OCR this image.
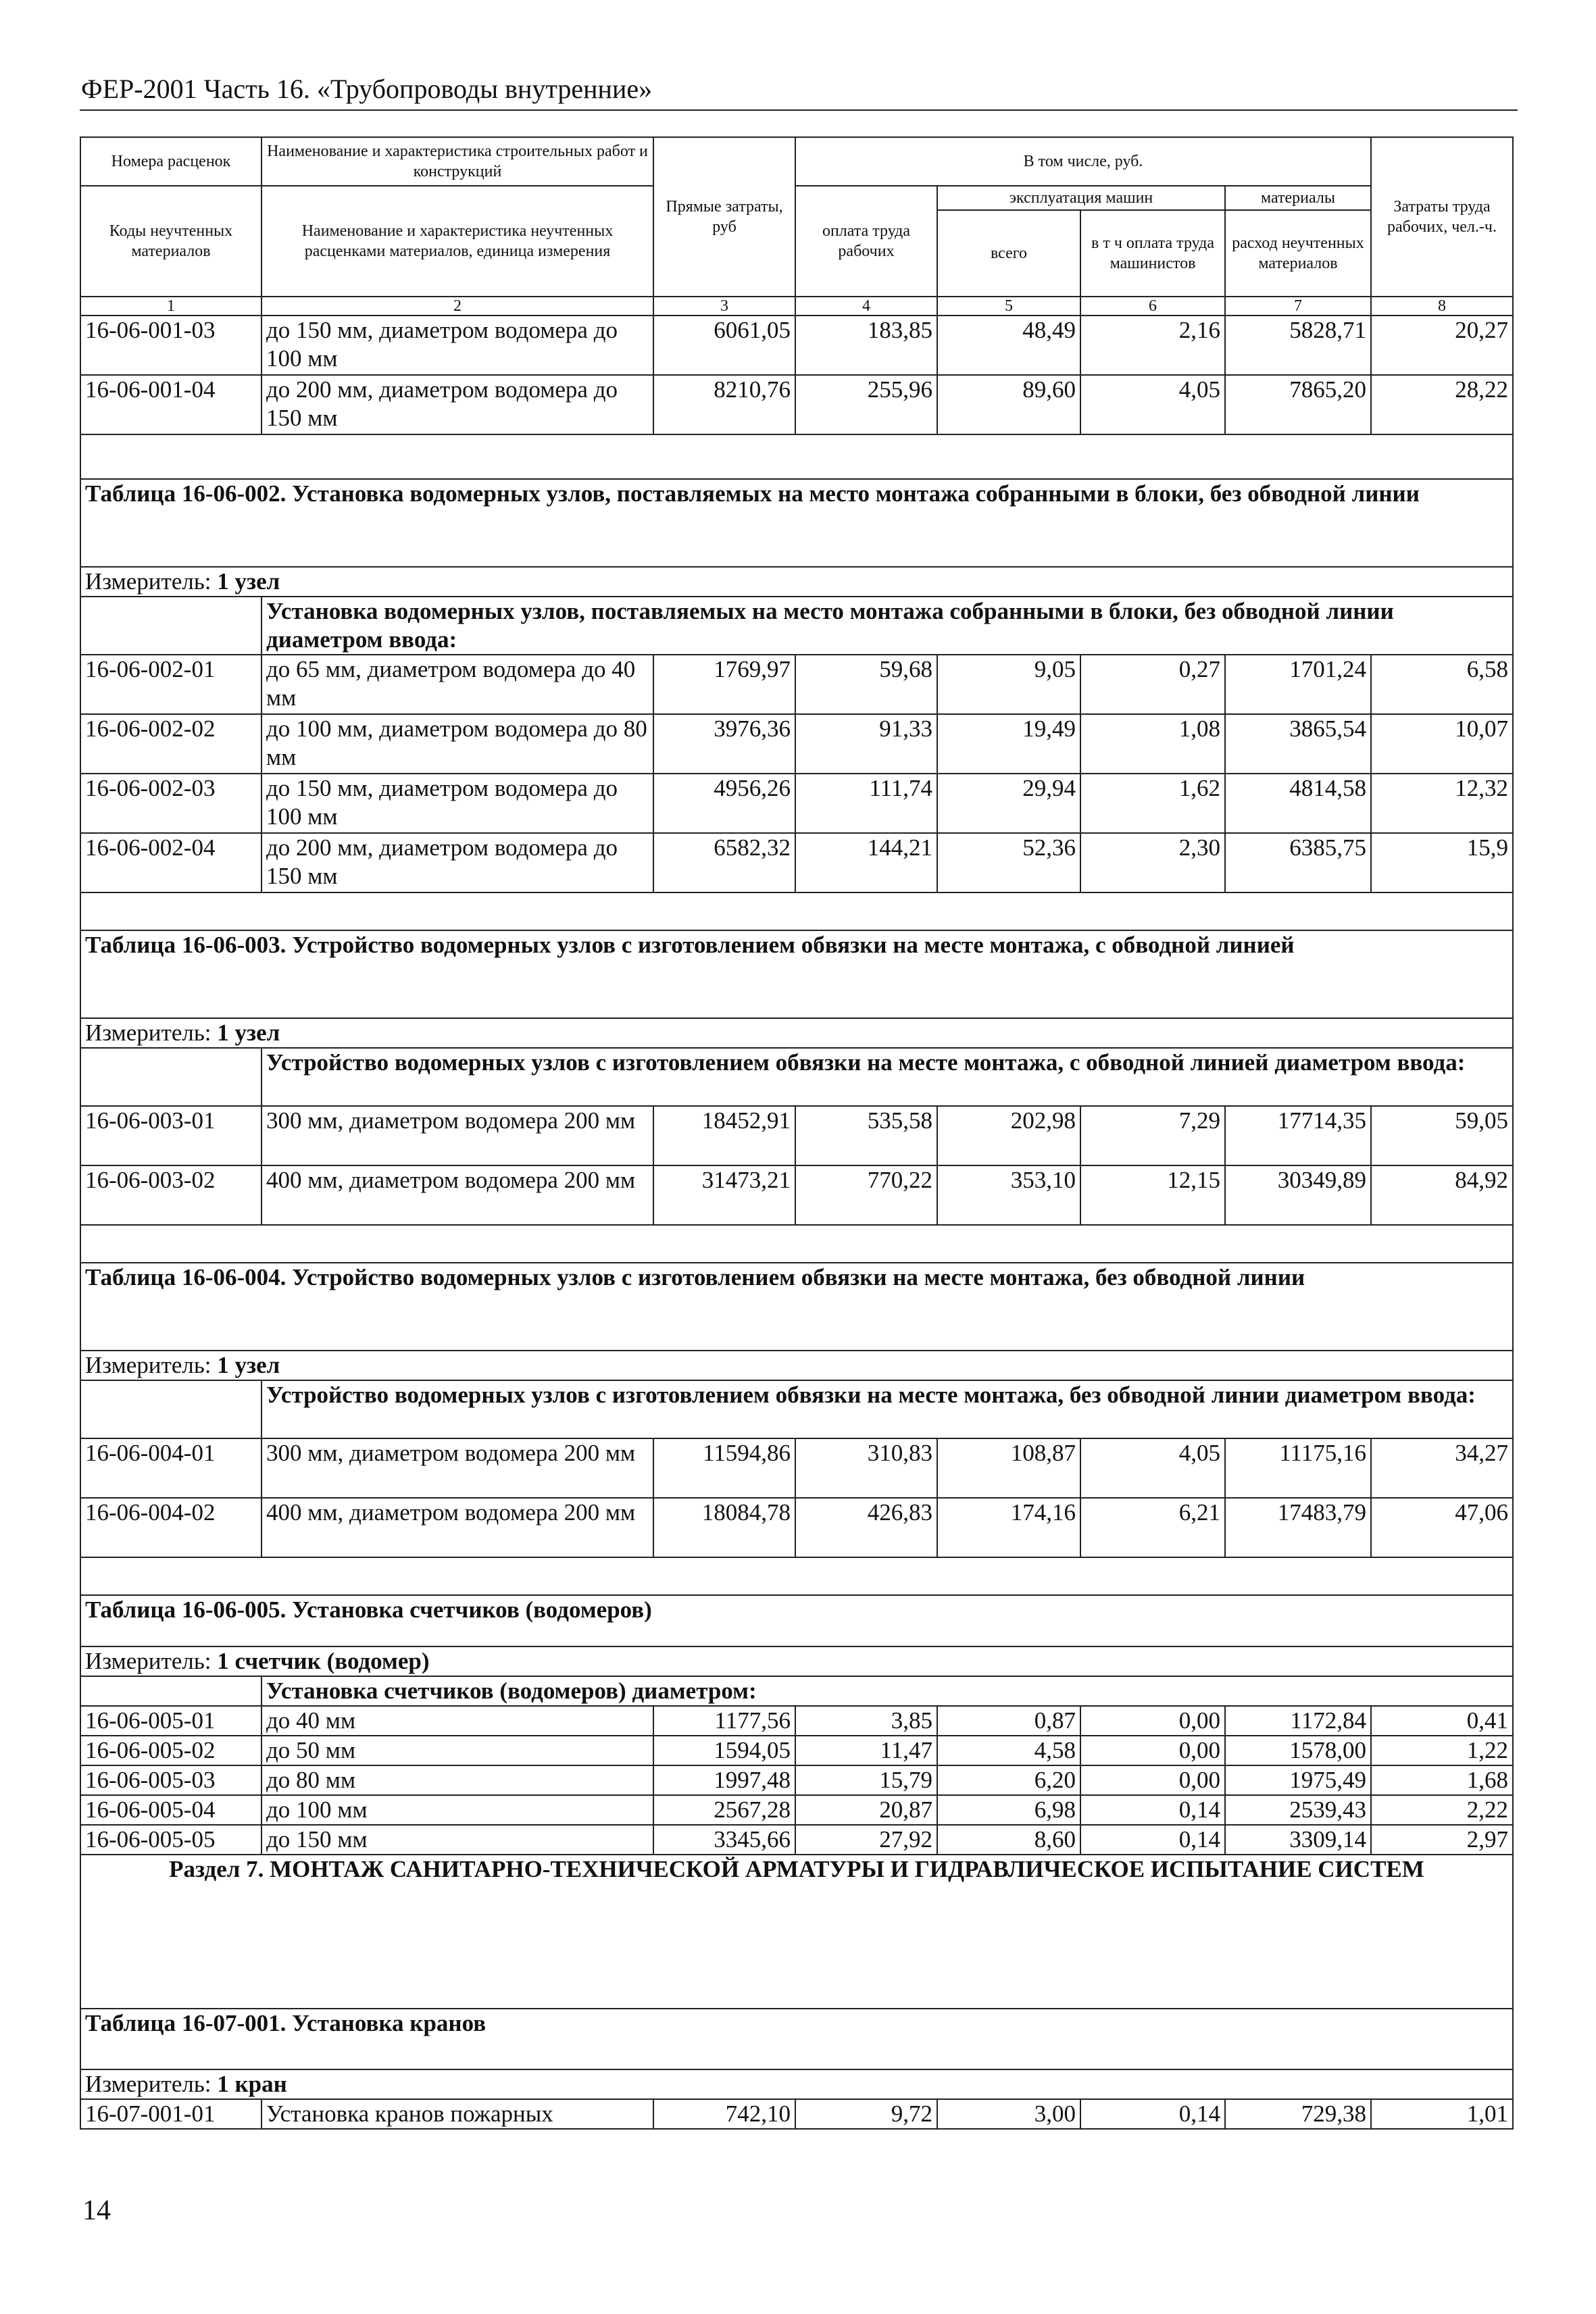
ФЕР-2001 Часть 16. «Трубопроводы внутренние»
Номера расценок	Наименование и характеристика строительных работ и конструкций	Прямые затраты, руб	В том числе, руб.				Затраты труда рабочих, чел.-ч.
Коды неучтенных материалов	Наименование и характеристика неучтенных расценками материалов, единица измерения		оплата труда рабочих	эксплуатация машин		материалы	
				всего	в т ч оплата труда машинистов	расход неучтенных материалов	
1	2	3	4	5	6	7	8
16-06-001-03	до 150 мм, диаметром водомера до 100 мм	6061,05	183,85	48,49	2,16	5828,71	20,27
16-06-001-04	до 200 мм, диаметром водомера до 150 мм	8210,76	255,96	89,60	4,05	7865,20	28,22

Таблица 16-06-002. Установка водомерных узлов, поставляемых на место монтажа собранными в блоки, без обводной линии							
Измеритель: 1 узел							
	Установка водомерных узлов, поставляемых на место монтажа собранными в блоки, без обводной линии диаметром ввода:						
16-06-002-01	до 65 мм, диаметром водомера до 40 мм	1769,97	59,68	9,05	0,27	1701,24	6,58
16-06-002-02	до 100 мм, диаметром водомера до 80 мм	3976,36	91,33	19,49	1,08	3865,54	10,07
16-06-002-03	до 150 мм, диаметром водомера до 100 мм	4956,26	111,74	29,94	1,62	4814,58	12,32
16-06-002-04	до 200 мм, диаметром водомера до 150 мм	6582,32	144,21	52,36	2,30	6385,75	15,9

Таблица 16-06-003. Устройство водомерных узлов с изготовлением обвязки на месте монтажа, с обводной линией							
Измеритель: 1 узел							
	Устройство водомерных узлов с изготовлением обвязки на месте монтажа, с обводной линией диаметром ввода:						
16-06-003-01	300 мм, диаметром водомера 200 мм	18452,91	535,58	202,98	7,29	17714,35	59,05
16-06-003-02	400 мм, диаметром водомера 200 мм	31473,21	770,22	353,10	12,15	30349,89	84,92

Таблица 16-06-004. Устройство водомерных узлов с изготовлением обвязки на месте монтажа, без обводной линии							
Измеритель: 1 узел							
	Устройство водомерных узлов с изготовлением обвязки на месте монтажа, без обводной линии диаметром ввода:						
16-06-004-01	300 мм, диаметром водомера 200 мм	11594,86	310,83	108,87	4,05	11175,16	34,27
16-06-004-02	400 мм, диаметром водомера 200 мм	18084,78	426,83	174,16	6,21	17483,79	47,06

Таблица 16-06-005. Установка счетчиков (водомеров)							
Измеритель: 1 счетчик (водомер)							
	Установка счетчиков (водомеров) диаметром:						
16-06-005-01	до 40 мм	1177,56	3,85	0,87	0,00	1172,84	0,41
16-06-005-02	до 50 мм	1594,05	11,47	4,58	0,00	1578,00	1,22
16-06-005-03	до 80 мм	1997,48	15,79	6,20	0,00	1975,49	1,68
16-06-005-04	до 100 мм	2567,28	20,87	6,98	0,14	2539,43	2,22
16-06-005-05	до 150 мм	3345,66	27,92	8,60	0,14	3309,14	2,97
Раздел 7. МОНТАЖ САНИТАРНО-ТЕХНИЧЕСКОЙ АРМАТУРЫ И ГИДРАВЛИЧЕСКОЕ ИСПЫТАНИЕ СИСТЕМ							
Таблица 16-07-001. Установка кранов							
Измеритель: 1 кран							
16-07-001-01	Установка кранов пожарных	742,10	9,72	3,00	0,14	729,38	1,01
14
